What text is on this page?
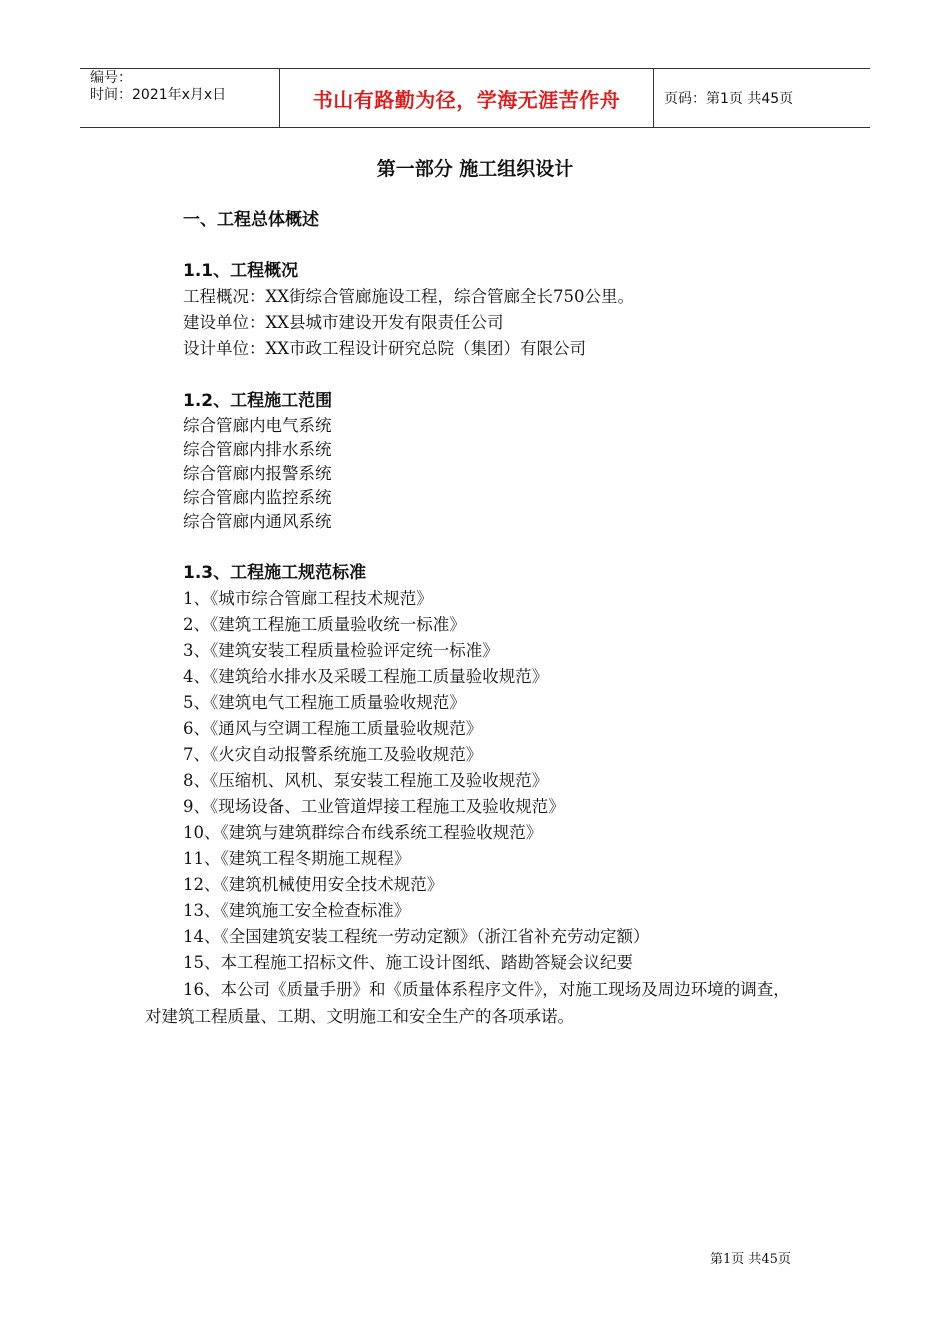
编号：
时间：2021年x月x日	书山有路勤为径，学海无涯苦作舟	页码：第1页 共45页
第一部分 施工组织设计
一、工程总体概述
1.1、工程概况
工程概况：XX街综合管廊施设工程，综合管廊全长750公里。
建设单位：XX县城市建设开发有限责任公司
设计单位：XX市政工程设计研究总院（集团）有限公司
1.2、工程施工范围
综合管廊内电气系统
综合管廊内排水系统
综合管廊内报警系统
综合管廊内监控系统
综合管廊内通风系统
1.3、工程施工规范标准
1、《城市综合管廊工程技术规范》
2、《建筑工程施工质量验收统一标准》
3、《建筑安装工程质量检验评定统一标准》
4、《建筑给水排水及采暖工程施工质量验收规范》
5、《建筑电气工程施工质量验收规范》
6、《通风与空调工程施工质量验收规范》
7、《火灾自动报警系统施工及验收规范》
8、《压缩机、风机、泵安装工程施工及验收规范》
9、《现场设备、工业管道焊接工程施工及验收规范》
10、《建筑与建筑群综合布线系统工程验收规范》
11、《建筑工程冬期施工规程》
12、《建筑机械使用安全技术规范》
13、《建筑施工安全检查标准》
14、《全国建筑安装工程统一劳动定额》（浙江省补充劳动定额）
15、本工程施工招标文件、施工设计图纸、踏勘答疑会议纪要
16、本公司《质量手册》和《质量体系程序文件》，对施工现场及周边环境的调查，对建筑工程质量、工期、文明施工和安全生产的各项承诺。
第1页 共45页
